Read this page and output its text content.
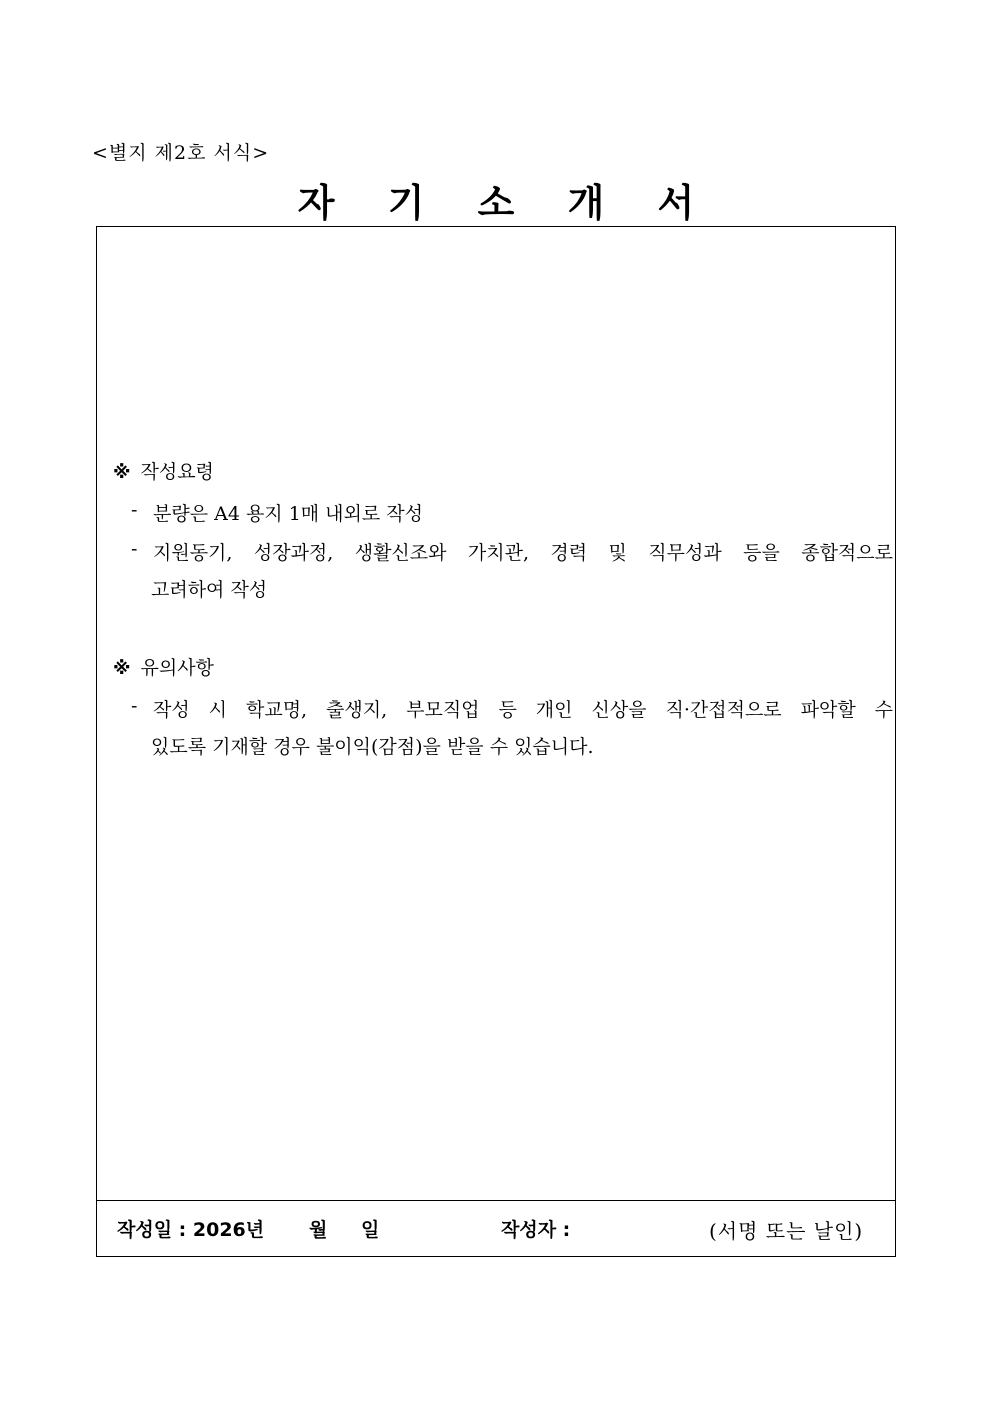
<별지 제2호 서식>
자 기 소 개 서
※ 작성요령
- 분량은 A4 용지 1매 내외로 작성
- 지원동기, 성장과정, 생활신조와 가치관, 경력 및 직무성과 등을 종합적으로
고려하여 작성
※ 유의사항
- 작성 시 학교명, 출생지, 부모직업 등 개인 신상을 직·간접적으로 파악할 수
있도록 기재할 경우 불이익(감점)을 받을 수 있습니다.
작성일 : 2026년 월 일	작성자 :	(서명 또는 날인)
